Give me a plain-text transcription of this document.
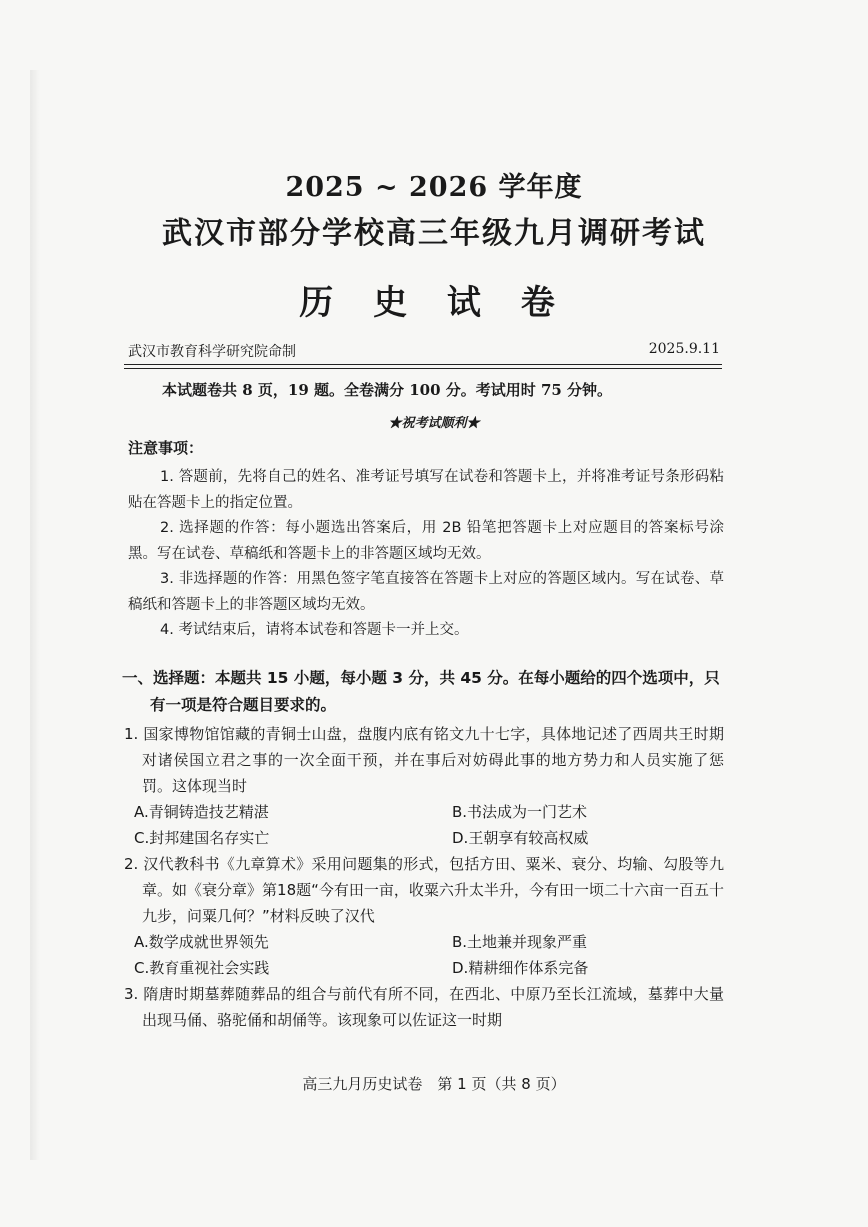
2025 ~ 2026 学年度
武汉市部分学校高三年级九月调研考试
历 史 试 卷
武汉市教育科学研究院命制	2025.9.11
本试题卷共 8 页，19 题。全卷满分 100 分。考试用时 75 分钟。
★祝考试顺利★
注意事项：

1. 答题前，先将自己的姓名、准考证号填写在试卷和答题卡上，并将准考证号条形码粘贴在答题卡上的指定位置。

2. 选择题的作答：每小题选出答案后，用 2B 铅笔把答题卡上对应题目的答案标号涂黑。写在试卷、草稿纸和答题卡上的非答题区域均无效。

3. 非选择题的作答：用黑色签字笔直接答在答题卡上对应的答题区域内。写在试卷、草稿纸和答题卡上的非答题区域均无效。

4. 考试结束后，请将本试卷和答题卡一并上交。

一、选择题：本题共 15 小题，每小题 3 分，共 45 分。在每小题给的四个选项中，只
有一项是符合题目要求的。
1. 国家博物馆馆藏的青铜士山盘，盘腹内底有铭文九十七字，具体地记述了西周共王时期对诸侯国立君之事的一次全面干预，并在事后对妨碍此事的地方势力和人员实施了惩罚。这体现当时
A.青铜铸造技艺精湛	B.书法成为一门艺术
C.封邦建国名存实亡	D.王朝享有较高权威
2. 汉代教科书《九章算术》采用问题集的形式，包括方田、粟米、衰分、均输、勾股等九章。如《衰分章》第18题“今有田一亩，收粟六升太半升，今有田一顷二十六亩一百五十九步，问粟几何？”材料反映了汉代
A.数学成就世界领先	B.土地兼并现象严重
C.教育重视社会实践	D.精耕细作体系完备
3. 隋唐时期墓葬随葬品的组合与前代有所不同，在西北、中原乃至长江流域，墓葬中大量出现马俑、骆驼俑和胡俑等。该现象可以佐证这一时期
高三九月历史试卷　第 1 页（共 8 页）
